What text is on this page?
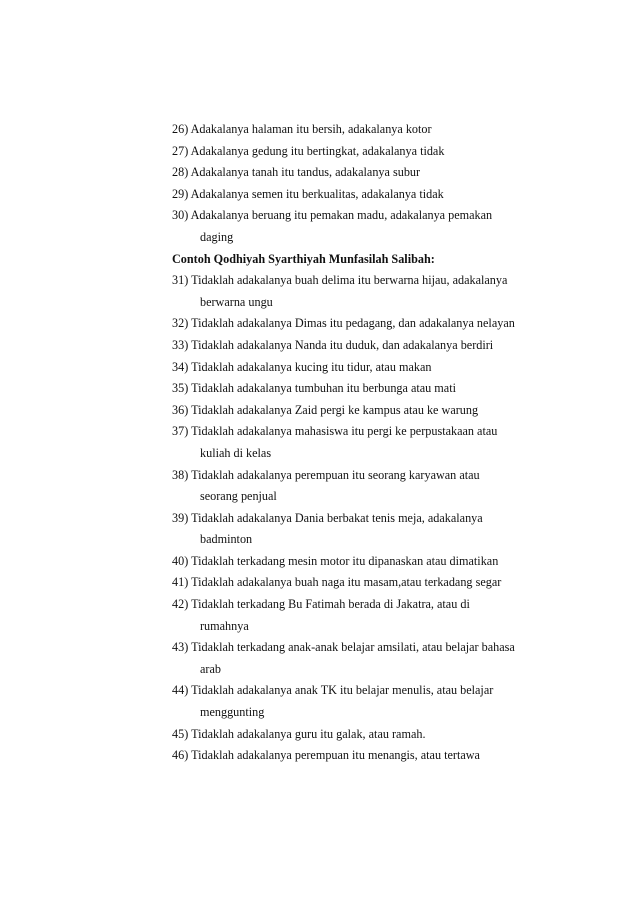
26) Adakalanya halaman itu bersih, adakalanya kotor
27) Adakalanya gedung itu bertingkat, adakalanya tidak
28) Adakalanya tanah itu tandus, adakalanya subur
29) Adakalanya semen itu berkualitas, adakalanya tidak
30) Adakalanya beruang itu pemakan madu, adakalanya pemakan
daging
Contoh Qodhiyah Syarthiyah Munfasilah Salibah:
31) Tidaklah adakalanya buah delima itu berwarna hijau, adakalanya
berwarna ungu
32) Tidaklah adakalanya Dimas itu pedagang, dan adakalanya nelayan
33) Tidaklah adakalanya Nanda itu duduk, dan adakalanya berdiri
34) Tidaklah adakalanya kucing itu tidur, atau makan
35) Tidaklah adakalanya tumbuhan itu berbunga atau mati
36) Tidaklah adakalanya Zaid pergi ke kampus atau ke warung
37) Tidaklah adakalanya mahasiswa itu pergi ke perpustakaan atau
kuliah di kelas
38) Tidaklah adakalanya perempuan itu seorang karyawan atau
seorang penjual
39) Tidaklah adakalanya Dania berbakat tenis meja, adakalanya
badminton
40) Tidaklah terkadang mesin motor itu dipanaskan atau dimatikan
41) Tidaklah adakalanya buah naga itu masam,atau terkadang segar
42) Tidaklah terkadang Bu Fatimah berada di Jakatra, atau di
rumahnya
43) Tidaklah terkadang anak-anak belajar amsilati, atau belajar bahasa
arab
44) Tidaklah adakalanya anak TK itu belajar menulis, atau belajar
menggunting
45) Tidaklah adakalanya guru itu galak, atau ramah.
46) Tidaklah adakalanya perempuan itu menangis, atau tertawa
